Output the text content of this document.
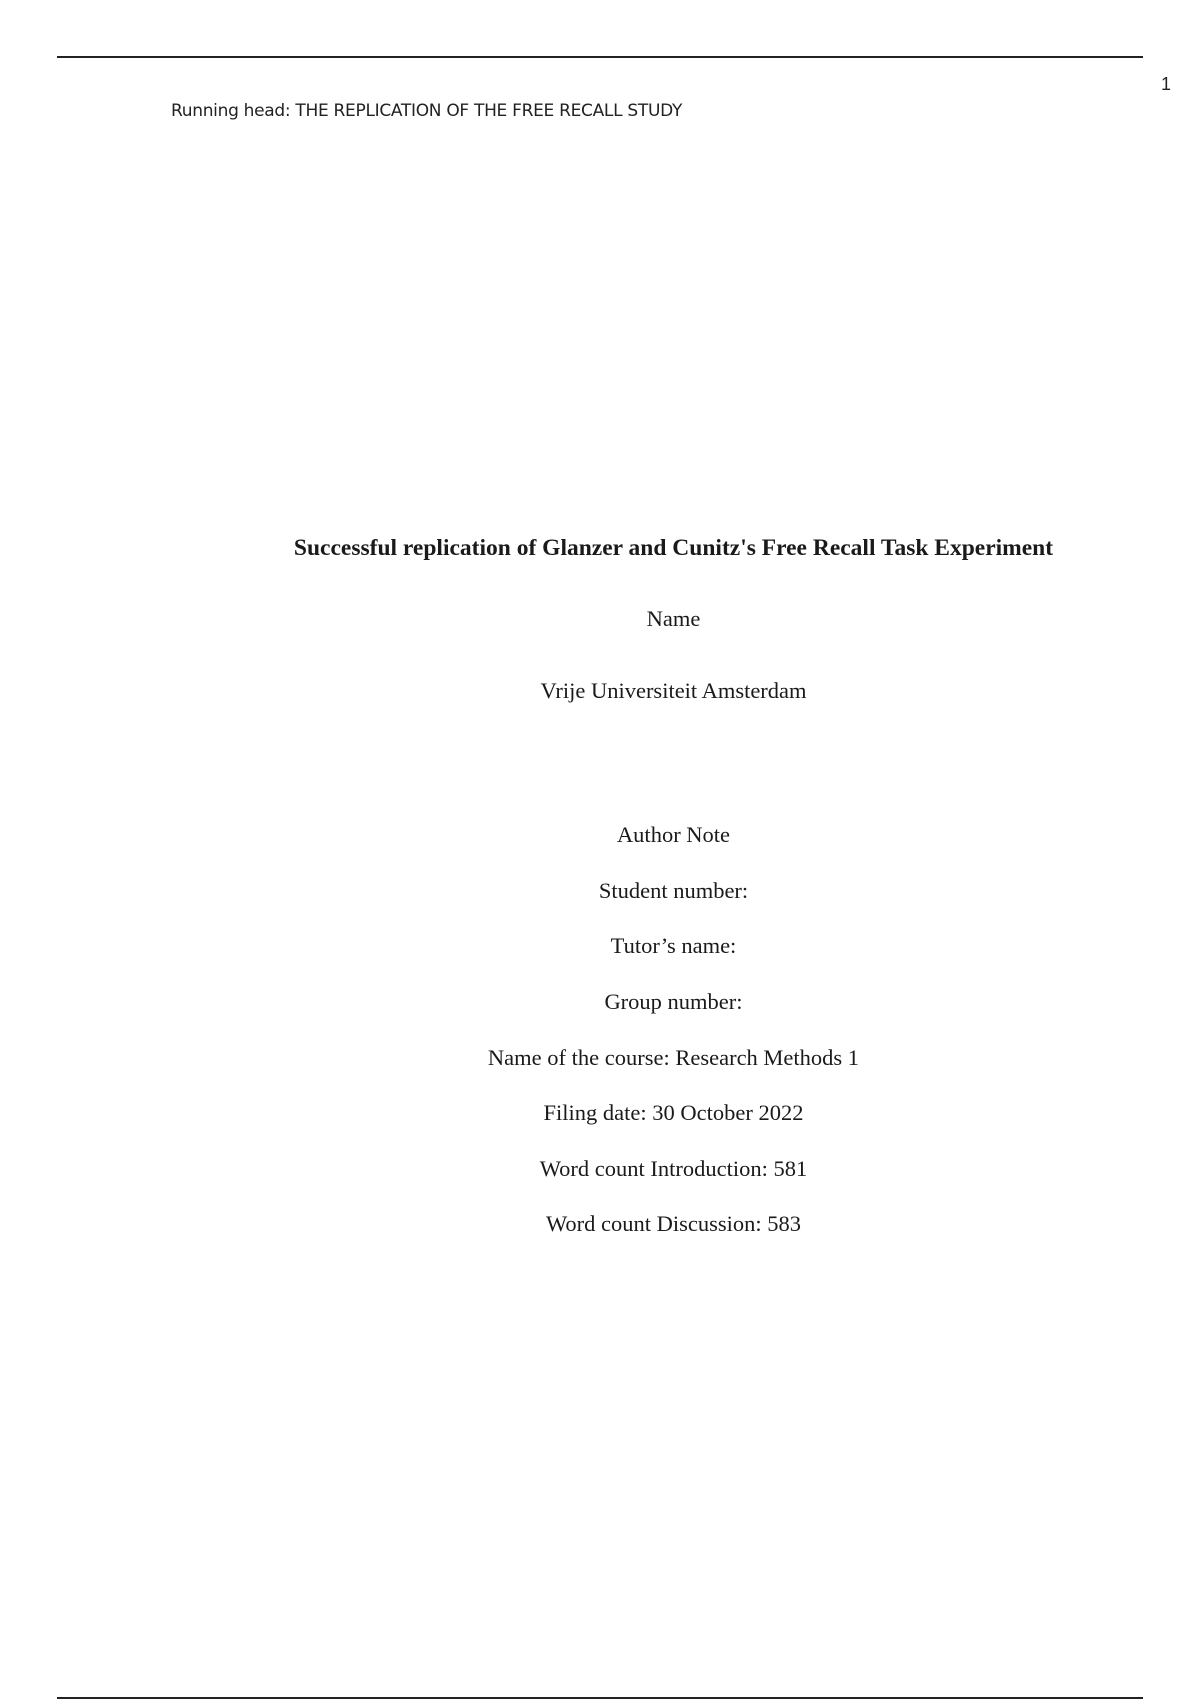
1
Running head: THE REPLICATION OF THE FREE RECALL STUDY
Successful replication of Glanzer and Cunitz's Free Recall Task Experiment
Name
Vrije Universiteit Amsterdam
Author Note
Student number:
Tutor’s name:
Group number:
Name of the course: Research Methods 1
Filing date: 30 October 2022
Word count Introduction: 581
Word count Discussion: 583
